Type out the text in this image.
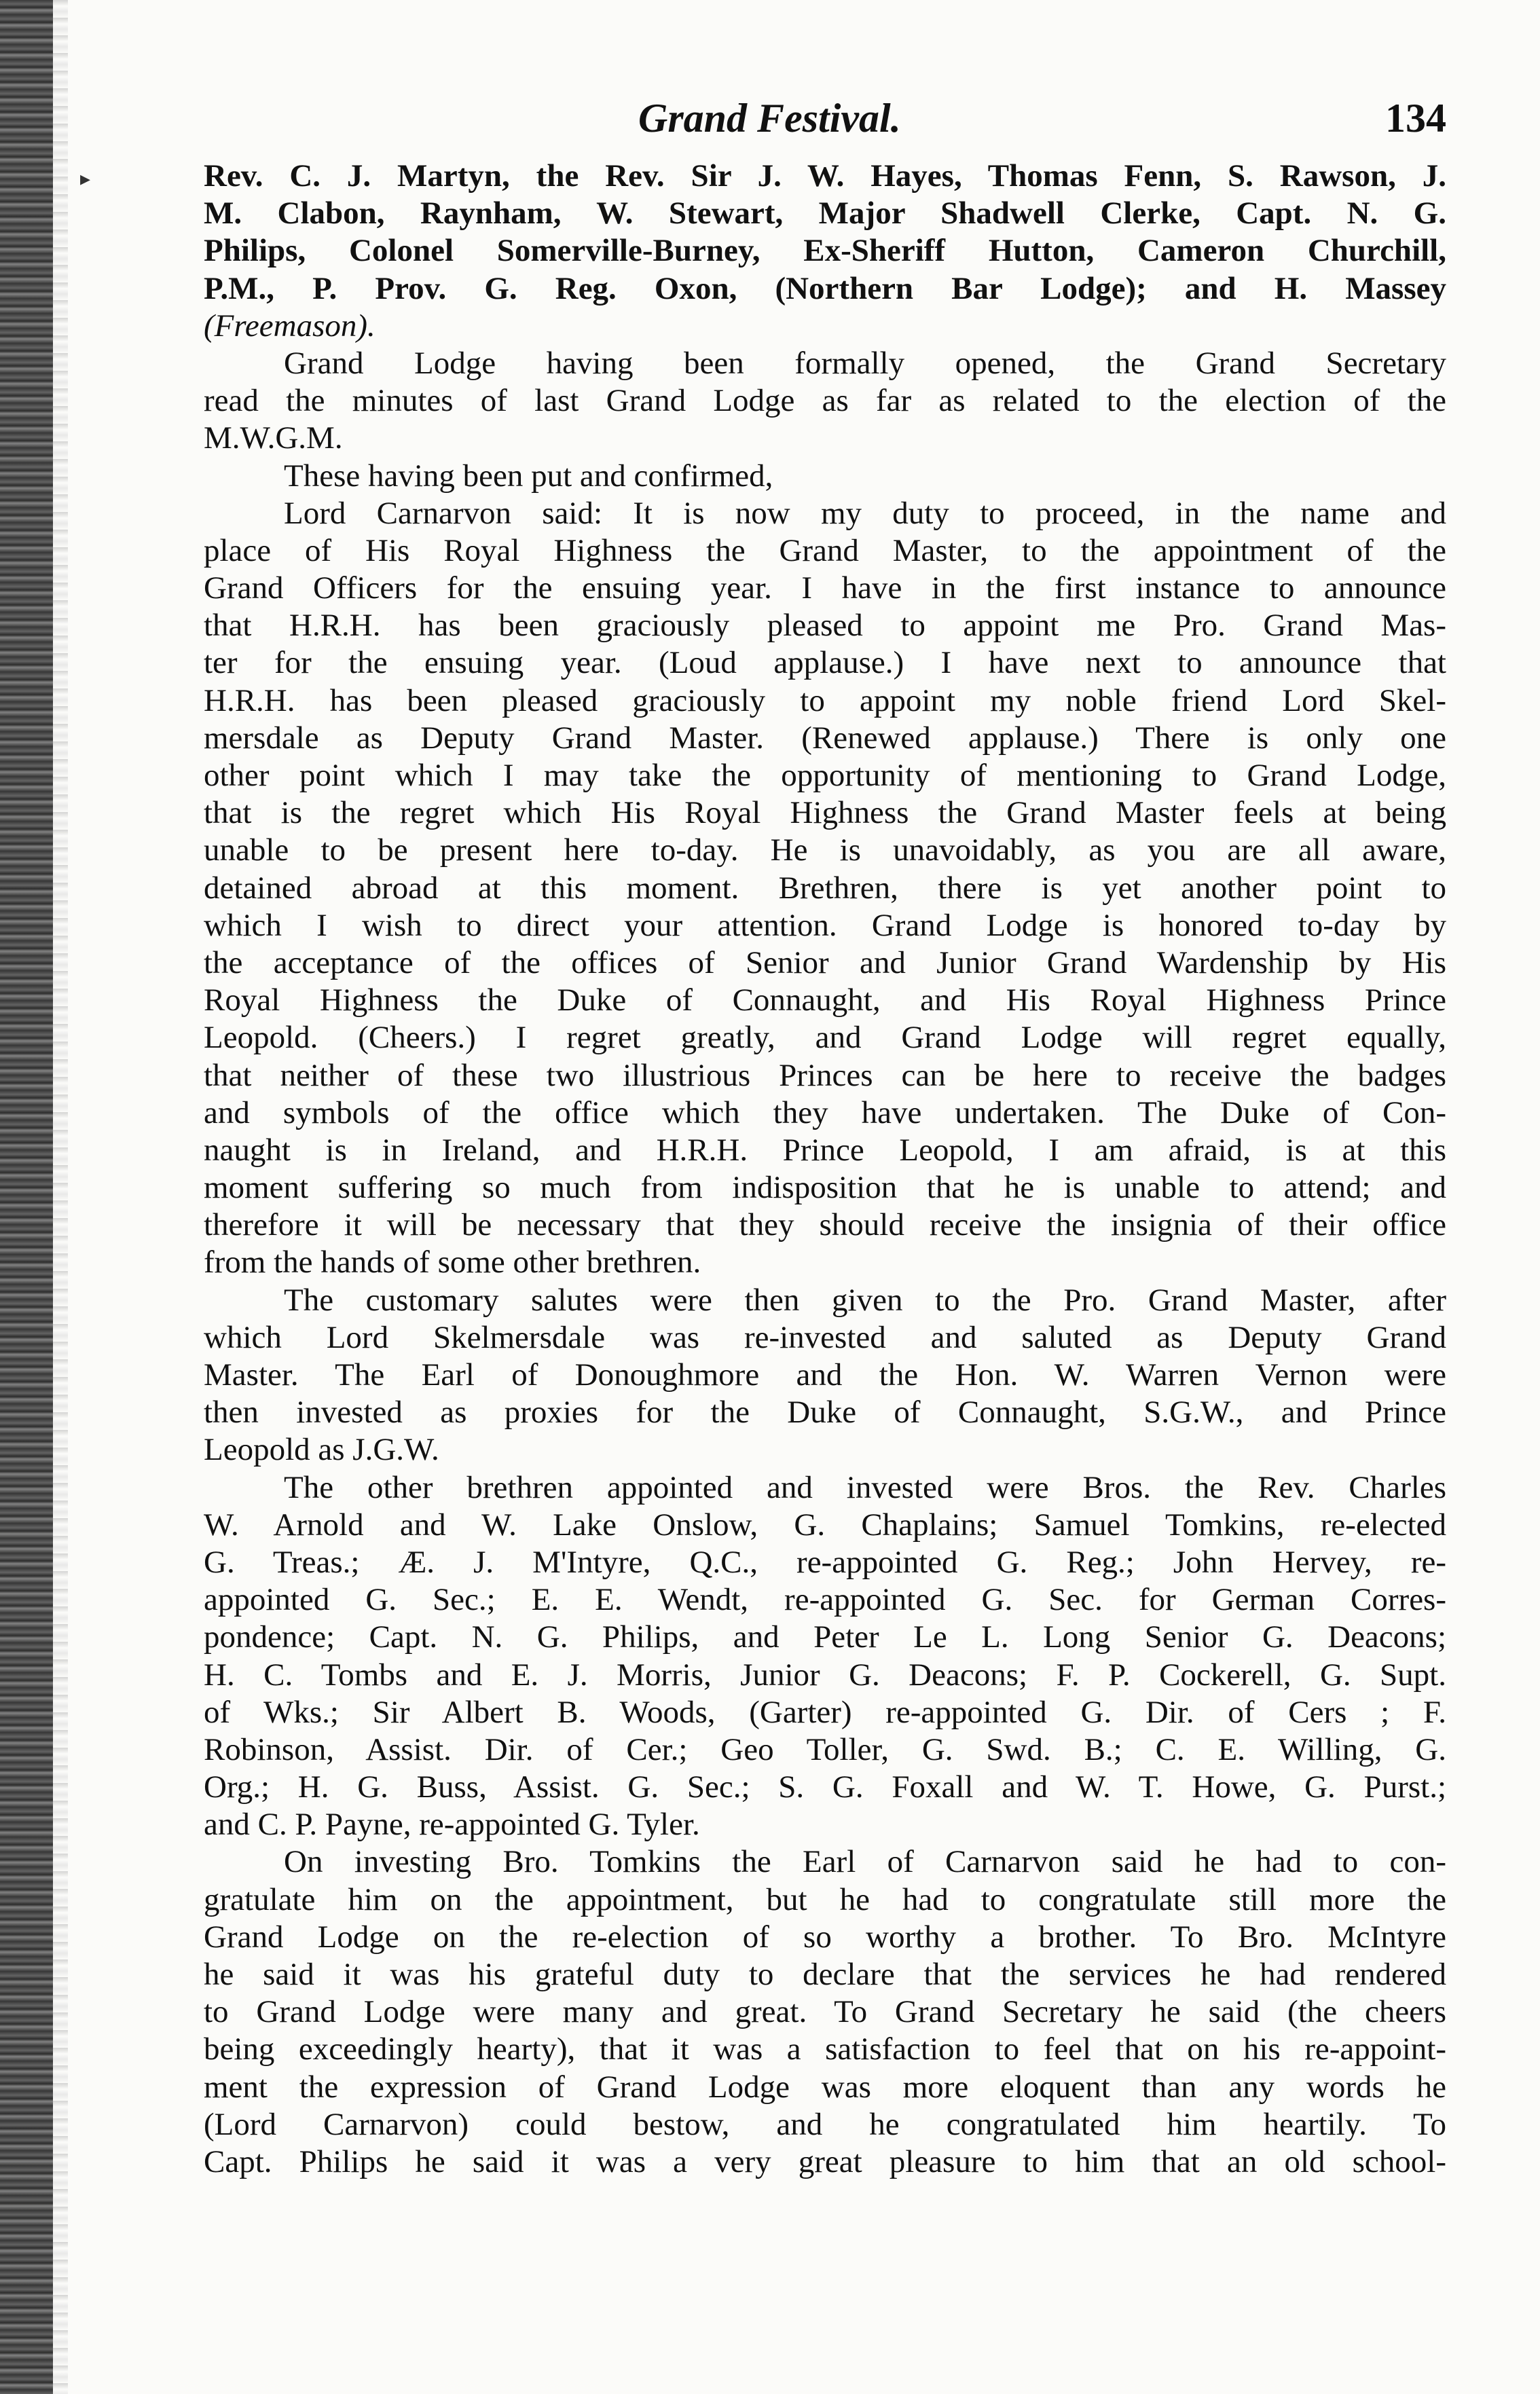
▸
Grand Festival.	134
Rev. C. J. Martyn, the Rev. Sir J. W. Hayes, Thomas Fenn, S. Rawson, J.
M. Clabon, Raynham, W. Stewart, Major Shadwell Clerke, Capt. N. G.
Philips, Colonel Somerville-Burney, Ex-Sheriff Hutton, Cameron Churchill,
P.M., P. Prov. G. Reg. Oxon, (Northern Bar Lodge); and H. Massey
(Freemason).
Grand Lodge having been formally opened, the Grand Secretary
read the minutes of last Grand Lodge as far as related to the election of the
M.W.G.M.
These having been put and confirmed,
Lord Carnarvon said: It is now my duty to proceed, in the name and
place of His Royal Highness the Grand Master, to the appointment of the
Grand Officers for the ensuing year. I have in the first instance to announce
that H.R.H. has been graciously pleased to appoint me Pro. Grand Mas-
ter for the ensuing year. (Loud applause.) I have next to announce that
H.R.H. has been pleased graciously to appoint my noble friend Lord Skel-
mersdale as Deputy Grand Master. (Renewed applause.) There is only one
other point which I may take the opportunity of mentioning to Grand Lodge,
that is the regret which His Royal Highness the Grand Master feels at being
unable to be present here to-day. He is unavoidably, as you are all aware,
detained abroad at this moment. Brethren, there is yet another point to
which I wish to direct your attention. Grand Lodge is honored to-day by
the acceptance of the offices of Senior and Junior Grand Wardenship by His
Royal Highness the Duke of Connaught, and His Royal Highness Prince
Leopold. (Cheers.) I regret greatly, and Grand Lodge will regret equally,
that neither of these two illustrious Princes can be here to receive the badges
and symbols of the office which they have undertaken. The Duke of Con-
naught is in Ireland, and H.R.H. Prince Leopold, I am afraid, is at this
moment suffering so much from indisposition that he is unable to attend; and
therefore it will be necessary that they should receive the insignia of their office
from the hands of some other brethren.
The customary salutes were then given to the Pro. Grand Master, after
which Lord Skelmersdale was re-invested and saluted as Deputy Grand
Master. The Earl of Donoughmore and the Hon. W. Warren Vernon were
then invested as proxies for the Duke of Connaught, S.G.W., and Prince
Leopold as J.G.W.
The other brethren appointed and invested were Bros. the Rev. Charles
W. Arnold and W. Lake Onslow, G. Chaplains; Samuel Tomkins, re-elected
G. Treas.; Æ. J. M'Intyre, Q.C., re-appointed G. Reg.; John Hervey, re-
appointed G. Sec.; E. E. Wendt, re-appointed G. Sec. for German Corres-
pondence; Capt. N. G. Philips, and Peter Le L. Long Senior G. Deacons;
H. C. Tombs and E. J. Morris, Junior G. Deacons; F. P. Cockerell, G. Supt.
of Wks.; Sir Albert B. Woods, (Garter) re-appointed G. Dir. of Cers ; F.
Robinson, Assist. Dir. of Cer.; Geo Toller, G. Swd. B.; C. E. Willing, G.
Org.; H. G. Buss, Assist. G. Sec.; S. G. Foxall and W. T. Howe, G. Purst.;
and C. P. Payne, re-appointed G. Tyler.
On investing Bro. Tomkins the Earl of Carnarvon said he had to con-
gratulate him on the appointment, but he had to congratulate still more the
Grand Lodge on the re-election of so worthy a brother. To Bro. McIntyre
he said it was his grateful duty to declare that the services he had rendered
to Grand Lodge were many and great. To Grand Secretary he said (the cheers
being exceedingly hearty), that it was a satisfaction to feel that on his re-appoint-
ment the expression of Grand Lodge was more eloquent than any words he
(Lord Carnarvon) could bestow, and he congratulated him heartily. To
Capt. Philips he said it was a very great pleasure to him that an old school-
